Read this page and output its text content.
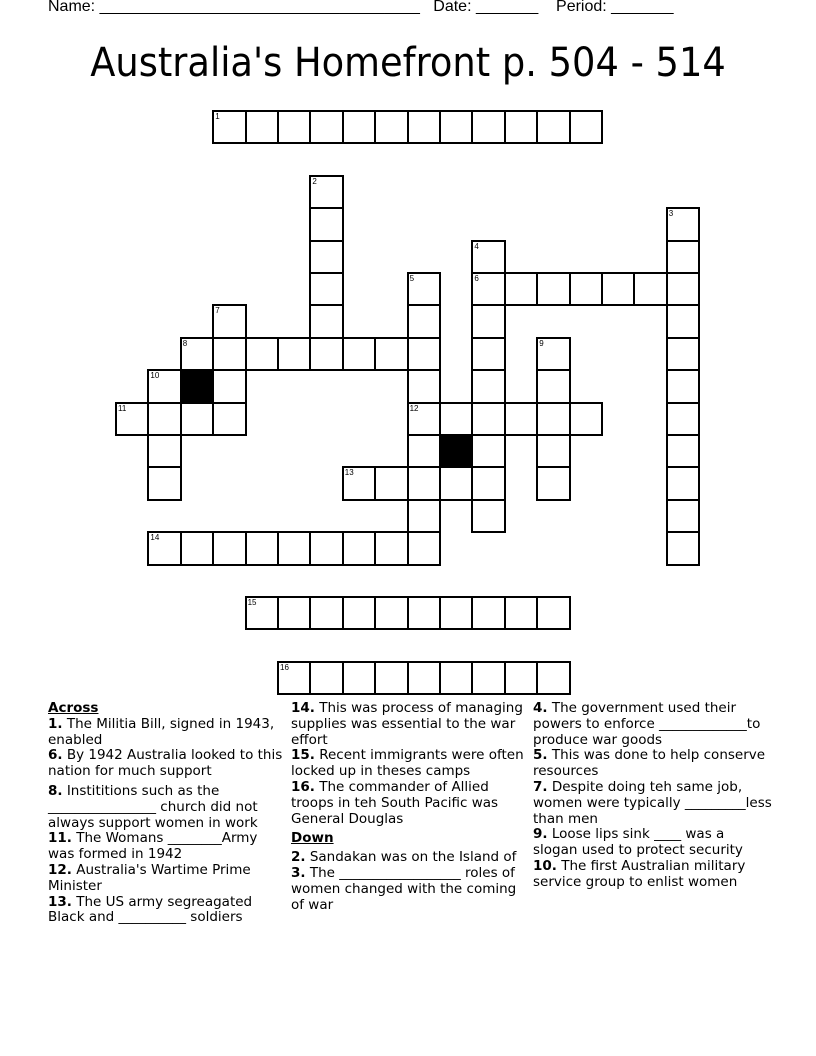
Name: ____________________________________ Date: _______ Period: _______
Australia's Homefront p. 504 - 514
1
2
3
4
6
5
12
7
8	9
10
11
13
14
15
16
Across
1. The Militia Bill, signed in 1943, enabled
6. By 1942 Australia looked to this nation for much support
8. Instititions such as the ________________ church did not always support women in work
11. The Womans ________Army was formed in 1942
12. Australia's Wartime Prime Minister
13. The US army segreagated Black and __________ soldiers
14. This was process of managing supplies was essential to the war effort
15. Recent immigrants were often locked up in theses camps
16. The commander of Allied troops in teh South Pacific was General Douglas
Down
2. Sandakan was on the Island of
3. The __________________ roles of women changed with the coming of war
4. The government used their powers to enforce _____________to produce war goods
5. This was done to help conserve resources
7. Despite doing teh same job, women were typically _________less than men
9. Loose lips sink ____ was a slogan used to protect security
10. The first Australian military service group to enlist women
